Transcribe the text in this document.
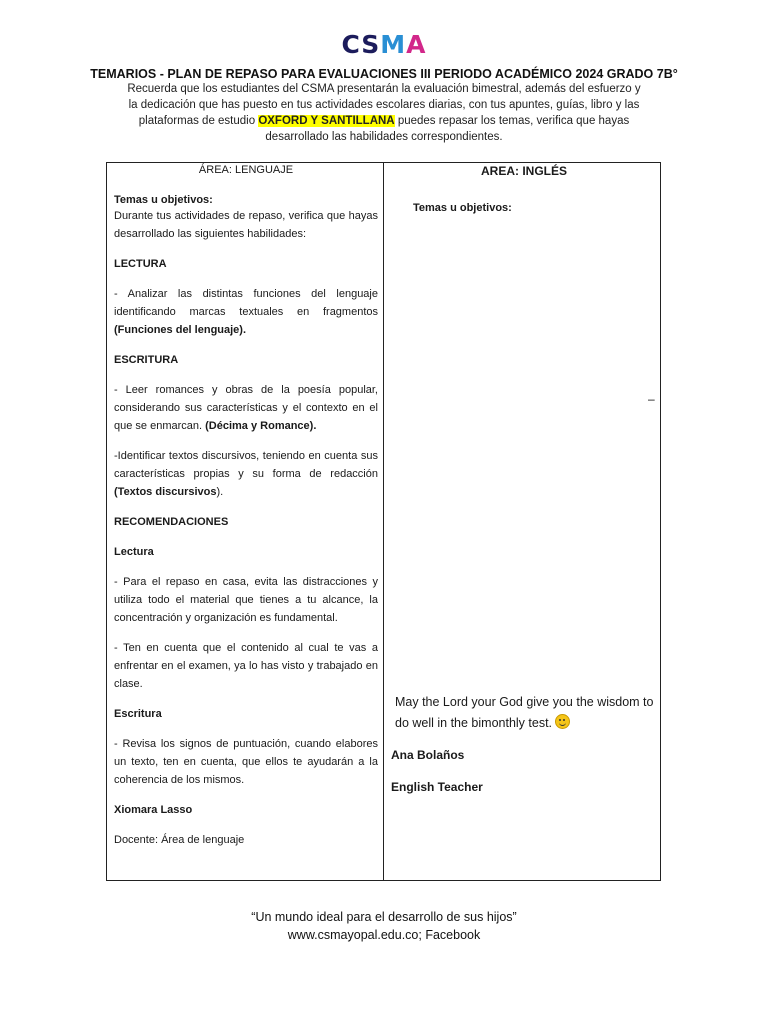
CSMA
TEMARIOS - PLAN DE REPASO PARA EVALUACIONES III PERIODO ACADÉMICO 2024 GRADO 7B°
Recuerda que los estudiantes del CSMA presentarán la evaluación bimestral, además del esfuerzo y la dedicación que has puesto en tus actividades escolares diarias, con tus apuntes, guías, libro y las plataformas de estudio OXFORD Y SANTILLANA puedes repasar los temas, verifica que hayas desarrollado las habilidades correspondientes.
ÁREA: LENGUAJE
Temas u objetivos:

Durante tus actividades de repaso, verifica que hayas desarrollado las siguientes habilidades:

LECTURA

- Analizar las distintas funciones del lenguaje identificando marcas textuales en fragmentos (Funciones del lenguaje).

ESCRITURA

- Leer romances y obras de la poesía popular, considerando sus características y el contexto en el que se enmarcan. (Décima y Romance).

-Identificar textos discursivos, teniendo en cuenta sus características propias y su forma de redacción (Textos discursivos).

RECOMENDACIONES
Lectura

- Para el repaso en casa, evita las distracciones y utiliza todo el material que tienes a tu alcance, la concentración y organización es fundamental.

- Ten en cuenta que el contenido al cual te vas a enfrentar en el examen, ya lo has visto y trabajado en clase.

Escritura

- Revisa los signos de puntuación, cuando elabores un texto, ten en cuenta, que ellos te ayudarán a la coherencia de los mismos.

Xiomara Lasso
Docente: Área de lenguaje
AREA: INGLÉS
Temas u objetivos:
–
May the Lord your God give you the wisdom to do well in the bimonthly test.
Ana Bolaños
English Teacher
“Un mundo ideal para el desarrollo de sus hijos”
www.csmayopal.edu.co; Facebook
